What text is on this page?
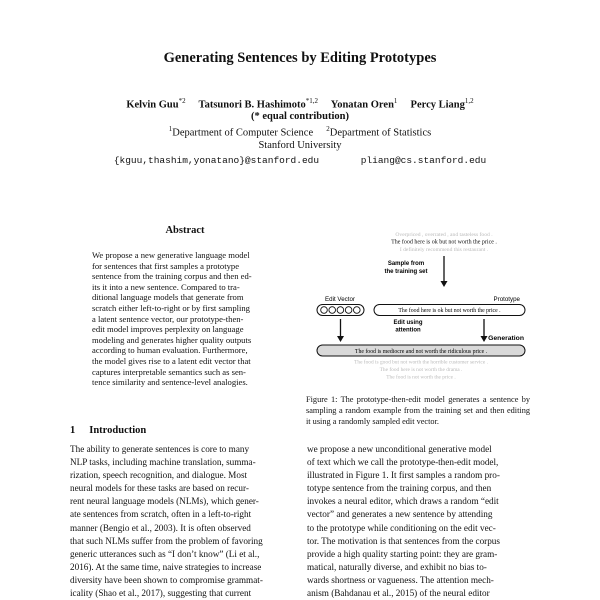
Generating Sentences by Editing Prototypes
Kelvin Guu$^{*2}$ Tatsunori B. Hashimoto$^{*1,2}$ Yonatan Oren$^1$ Percy Liang$^{1,2}$
(* equal contribution)
$^1$Department of Computer Science $^2$Department of Statistics
Stanford University
{kguu,thashim,yonatano}@stanford.edu	pliang@cs.stanford.edu
Abstract
We propose a new generative language model
for sentences that first samples a prototype
sentence from the training corpus and then ed-
its it into a new sentence. Compared to tra-
ditional language models that generate from
scratch either left-to-right or by first sampling
a latent sentence vector, our prototype-then-
edit model improves perplexity on language
modeling and generates higher quality outputs
according to human evaluation. Furthermore,
the model gives rise to a latent edit vector that
captures interpretable semantics such as sen-
tence similarity and sentence-level analogies.
Overpriced , overrated , and tasteless food .
The food here is ok but not worth the price .
I definitely recommend this restaurant .
Sample from
the training set
Edit Vector	Prototype
The food here is ok but not worth the price .
Edit using
attention
Generation
The food is mediocre and not worth the ridiculous price .
The food is good but not worth the horrible customer service .
The food here is not worth the drama .
The food is not worth the price .
Figure 1: The prototype-then-edit model generates a sentence by sampling a random example from the training set and then editing it using a randomly sampled edit vector.
1 Introduction
The ability to generate sentences is core to many
NLP tasks, including machine translation, summa-
rization, speech recognition, and dialogue. Most
neural models for these tasks are based on recur-
rent neural language models (NLMs), which gener-
ate sentences from scratch, often in a left-to-right
manner (Bengio et al., 2003). It is often observed
that such NLMs suffer from the problem of favoring
generic utterances such as “I don’t know” (Li et al.,
2016). At the same time, naive strategies to increase
diversity have been shown to compromise grammat-
icality (Shao et al., 2017), suggesting that current
we propose a new unconditional generative model
of text which we call the prototype-then-edit model,
illustrated in Figure 1. It first samples a random pro-
totype sentence from the training corpus, and then
invokes a neural editor, which draws a random “edit
vector” and generates a new sentence by attending
to the prototype while conditioning on the edit vec-
tor. The motivation is that sentences from the corpus
provide a high quality starting point: they are gram-
matical, naturally diverse, and exhibit no bias to-
wards shortness or vagueness. The attention mech-
anism (Bahdanau et al., 2015) of the neural editor
